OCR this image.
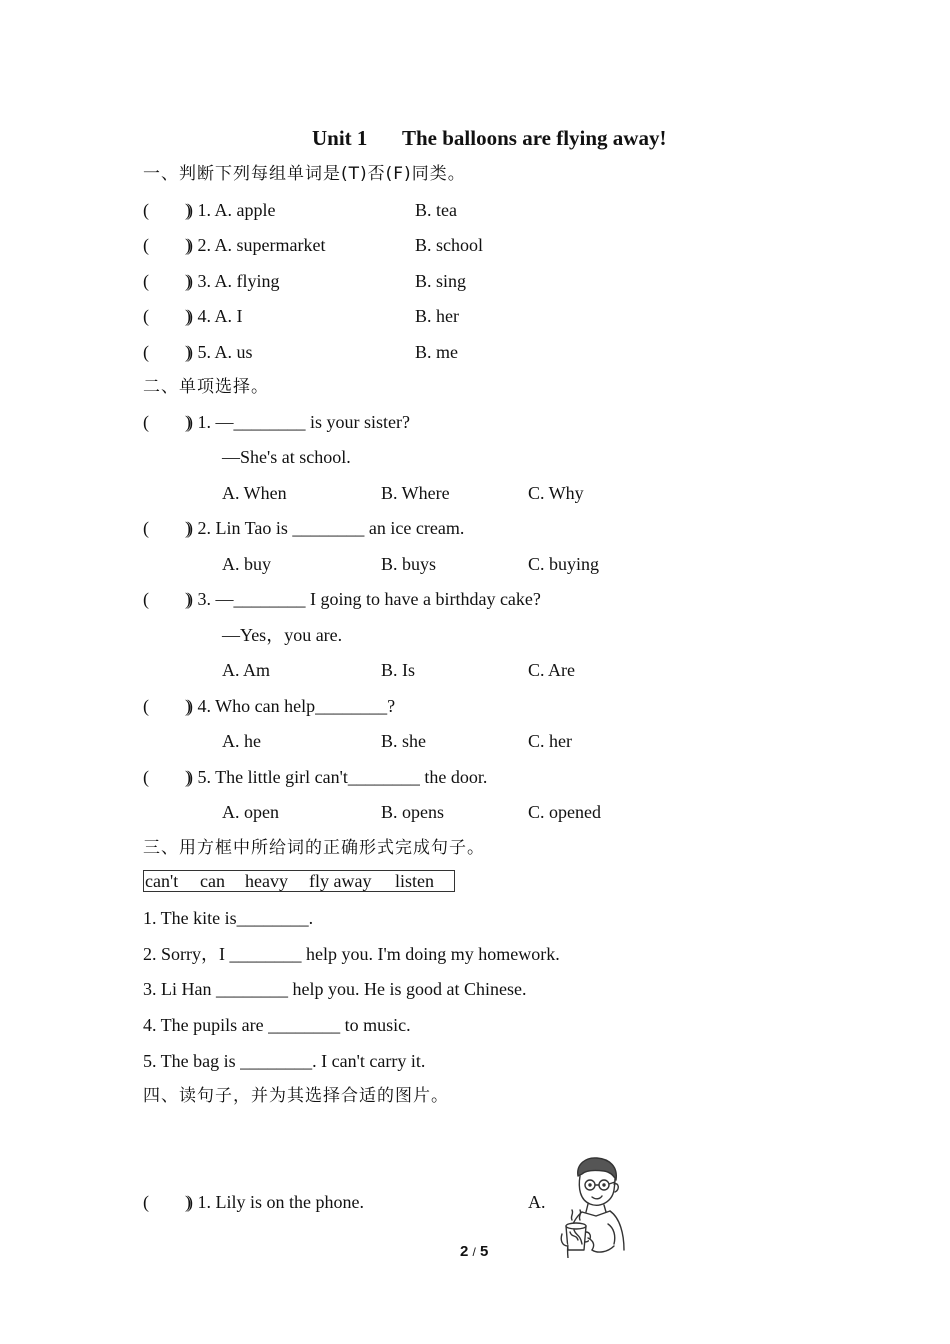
Unit 1 The balloons are flying away!
一、判断下列每组单词是(T)否(F)同类。
(        )
) 1. A. apple	B. tea
(        )
) 2. A. supermarket	B. school
(        )
) 3. A. flying	B. sing
(        )
) 4. A. I	B. her
(        )
) 5. A. us	B. me
二、单项选择。
(        )
) 1. —________ is your sister?
—She's at school.
A. When	B. Where	C. Why
(        )
) 2. Lin Tao is ________ an ice cream.
A. buy	B. buys	C. buying
(        )
) 3. —________ I going to have a birthday cake?
—Yes，you are.
A. Am	B. Is	C. Are
(        )
) 4. Who can help________?
A. he	B. she	C. her
(        )
) 5. The little girl can't________ the door.
A. open	B. opens	C. opened
三、用方框中所给词的正确形式完成句子。
can't can heavy fly away listen
1. The kite is________.
2. Sorry，I ________ help you. I'm doing my homework.
3. Li Han ________ help you. He is good at Chinese.
4. The pupils are ________ to music.
5. The bag is ________. I can't carry it.
四、读句子，并为其选择合适的图片。
(        )
) 1. Lily is on the phone.	A.
2 / 5
